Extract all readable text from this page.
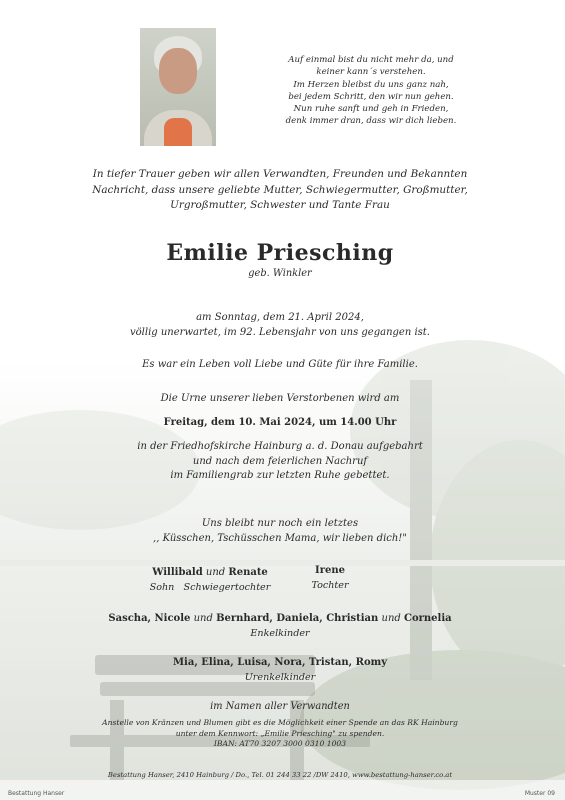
Auf einmal bist du nicht mehr da, und
keiner kann´s verstehen.
Im Herzen bleibst du uns ganz nah,
bei jedem Schritt, den wir nun gehen.
Nun ruhe sanft und geh in Frieden,
denk immer dran, dass wir dich lieben.
In tiefer Trauer geben wir allen Verwandten, Freunden und Bekannten
Nachricht, dass unsere geliebte Mutter, Schwiegermutter, Großmutter,
Urgroßmutter, Schwester und Tante Frau
Emilie Priesching
geb. Winkler
am Sonntag, dem 21. April 2024,
völlig unerwartet, im 92. Lebensjahr von uns gegangen ist.
Es war ein Leben voll Liebe und Güte für ihre Familie.
Die Urne unserer lieben Verstorbenen wird am
Freitag, dem 10. Mai 2024, um 14.00 Uhr
in der Friedhofskirche Hainburg a. d. Donau aufgebahrt
und nach dem feierlichen Nachruf
im Familiengrab zur letzten Ruhe gebettet.
Uns bleibt nur noch ein letztes
,, Küsschen, Tschüsschen Mama, wir lieben dich!"
Willibald und Renate
Sohn Schwiegertochter
Irene
Tochter
Sascha, Nicole und Bernhard, Daniela, Christian und Cornelia
Enkelkinder
Mia, Elina, Luisa, Nora, Tristan, Romy
Urenkelkinder
im Namen aller Verwandten
Anstelle von Kränzen und Blumen gibt es die Möglichkeit einer Spende an das RK Hainburg
unter dem Kennwort: „Emilie Priesching" zu spenden.
IBAN: AT70 3207 3000 0310 1003
Bestattung Hanser, 2410 Hainburg / Do., Tel. 01 244 33 22 /DW 2410, www.bestattung-hanser.co.at
Bestattung Hanser	Muster 09
